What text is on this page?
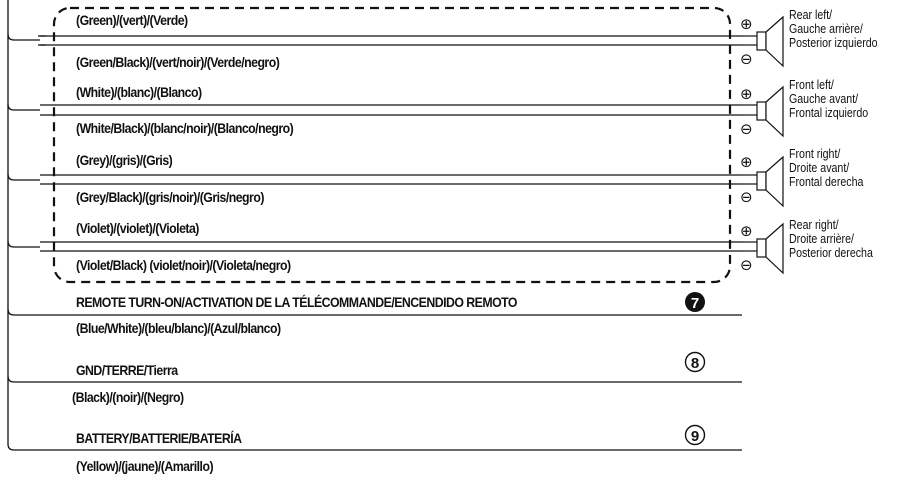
⊕
⊖
⊕
⊖
⊕
⊖
⊕
⊖
7
8
9
(Green)/(vert)/(Verde)
(Green/Black)/(vert/noir)/(Verde/negro)
(White)/(blanc)/(Blanco)
(White/Black)/(blanc/noir)/(Blanco/negro)
(Grey)/(gris)/(Gris)
(Grey/Black)/(gris/noir)/(Gris/negro)
(Violet)/(violet)/(Violeta)
(Violet/Black) (violet/noir)/(Violeta/negro)
REMOTE TURN-ON/ACTIVATION DE LA TÉLÉCOMMANDE/ENCENDIDO REMOTO
(Blue/White)/(bleu/blanc)/(Azul/blanco)
GND/TERRE/Tierra
(Black)/(noir)/(Negro)
BATTERY/BATTERIE/BATERÍA
(Yellow)/(jaune)/(Amarillo)
Rear left/
Gauche arrière/
Posterior izquierdo
Front left/
Gauche avant/
Frontal izquierdo
Front right/
Droite avant/
Frontal derecha
Rear right/
Droite arrière/
Posterior derecha
